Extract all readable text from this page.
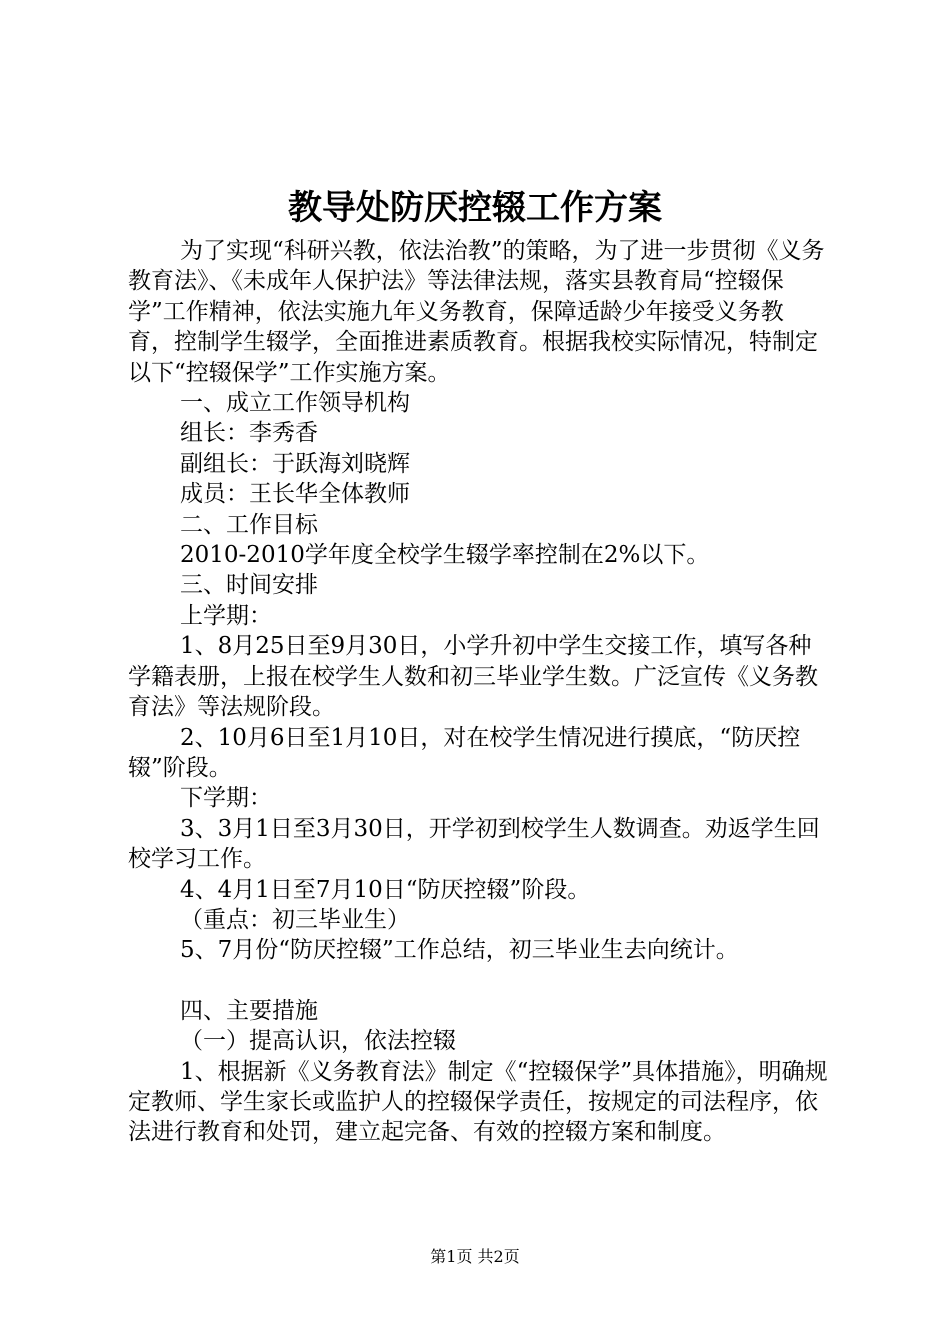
教导处防厌控辍工作方案

为了实现“科研兴教，依法治教”的策略，为了进一步贯彻《义务教育法》、《未成年人保护法》等法律法规，落实县教育局“控辍保学”工作精神，依法实施九年义务教育，保障适龄少年接受义务教育，控制学生辍学，全面推进素质教育。根据我校实际情况，特制定以下“控辍保学”工作实施方案。

一、成立工作领导机构

组长：李秀香

副组长：于跃海刘晓辉

成员：王长华全体教师

二、工作目标

2010-2010学年度全校学生辍学率控制在2%以下。

三、时间安排

上学期：

1、8月25日至9月30日，小学升初中学生交接工作，填写各种学籍表册，上报在校学生人数和初三毕业学生数。广泛宣传《义务教育法》等法规阶段。

2、10月6日至1月10日，对在校学生情况进行摸底，“防厌控辍”阶段。

下学期：

3、3月1日至3月30日，开学初到校学生人数调查。劝返学生回校学习工作。

4、4月1日至7月10日“防厌控辍”阶段。

（重点：初三毕业生）

5、7月份“防厌控辍”工作总结，初三毕业生去向统计。

四、主要措施

（一）提高认识，依法控辍

1、根据新《义务教育法》制定《“控辍保学”具体措施》，明确规定教师、学生家长或监护人的控辍保学责任，按规定的司法程序，依法进行教育和处罚，建立起完备、有效的控辍方案和制度。

第1页 共2页
